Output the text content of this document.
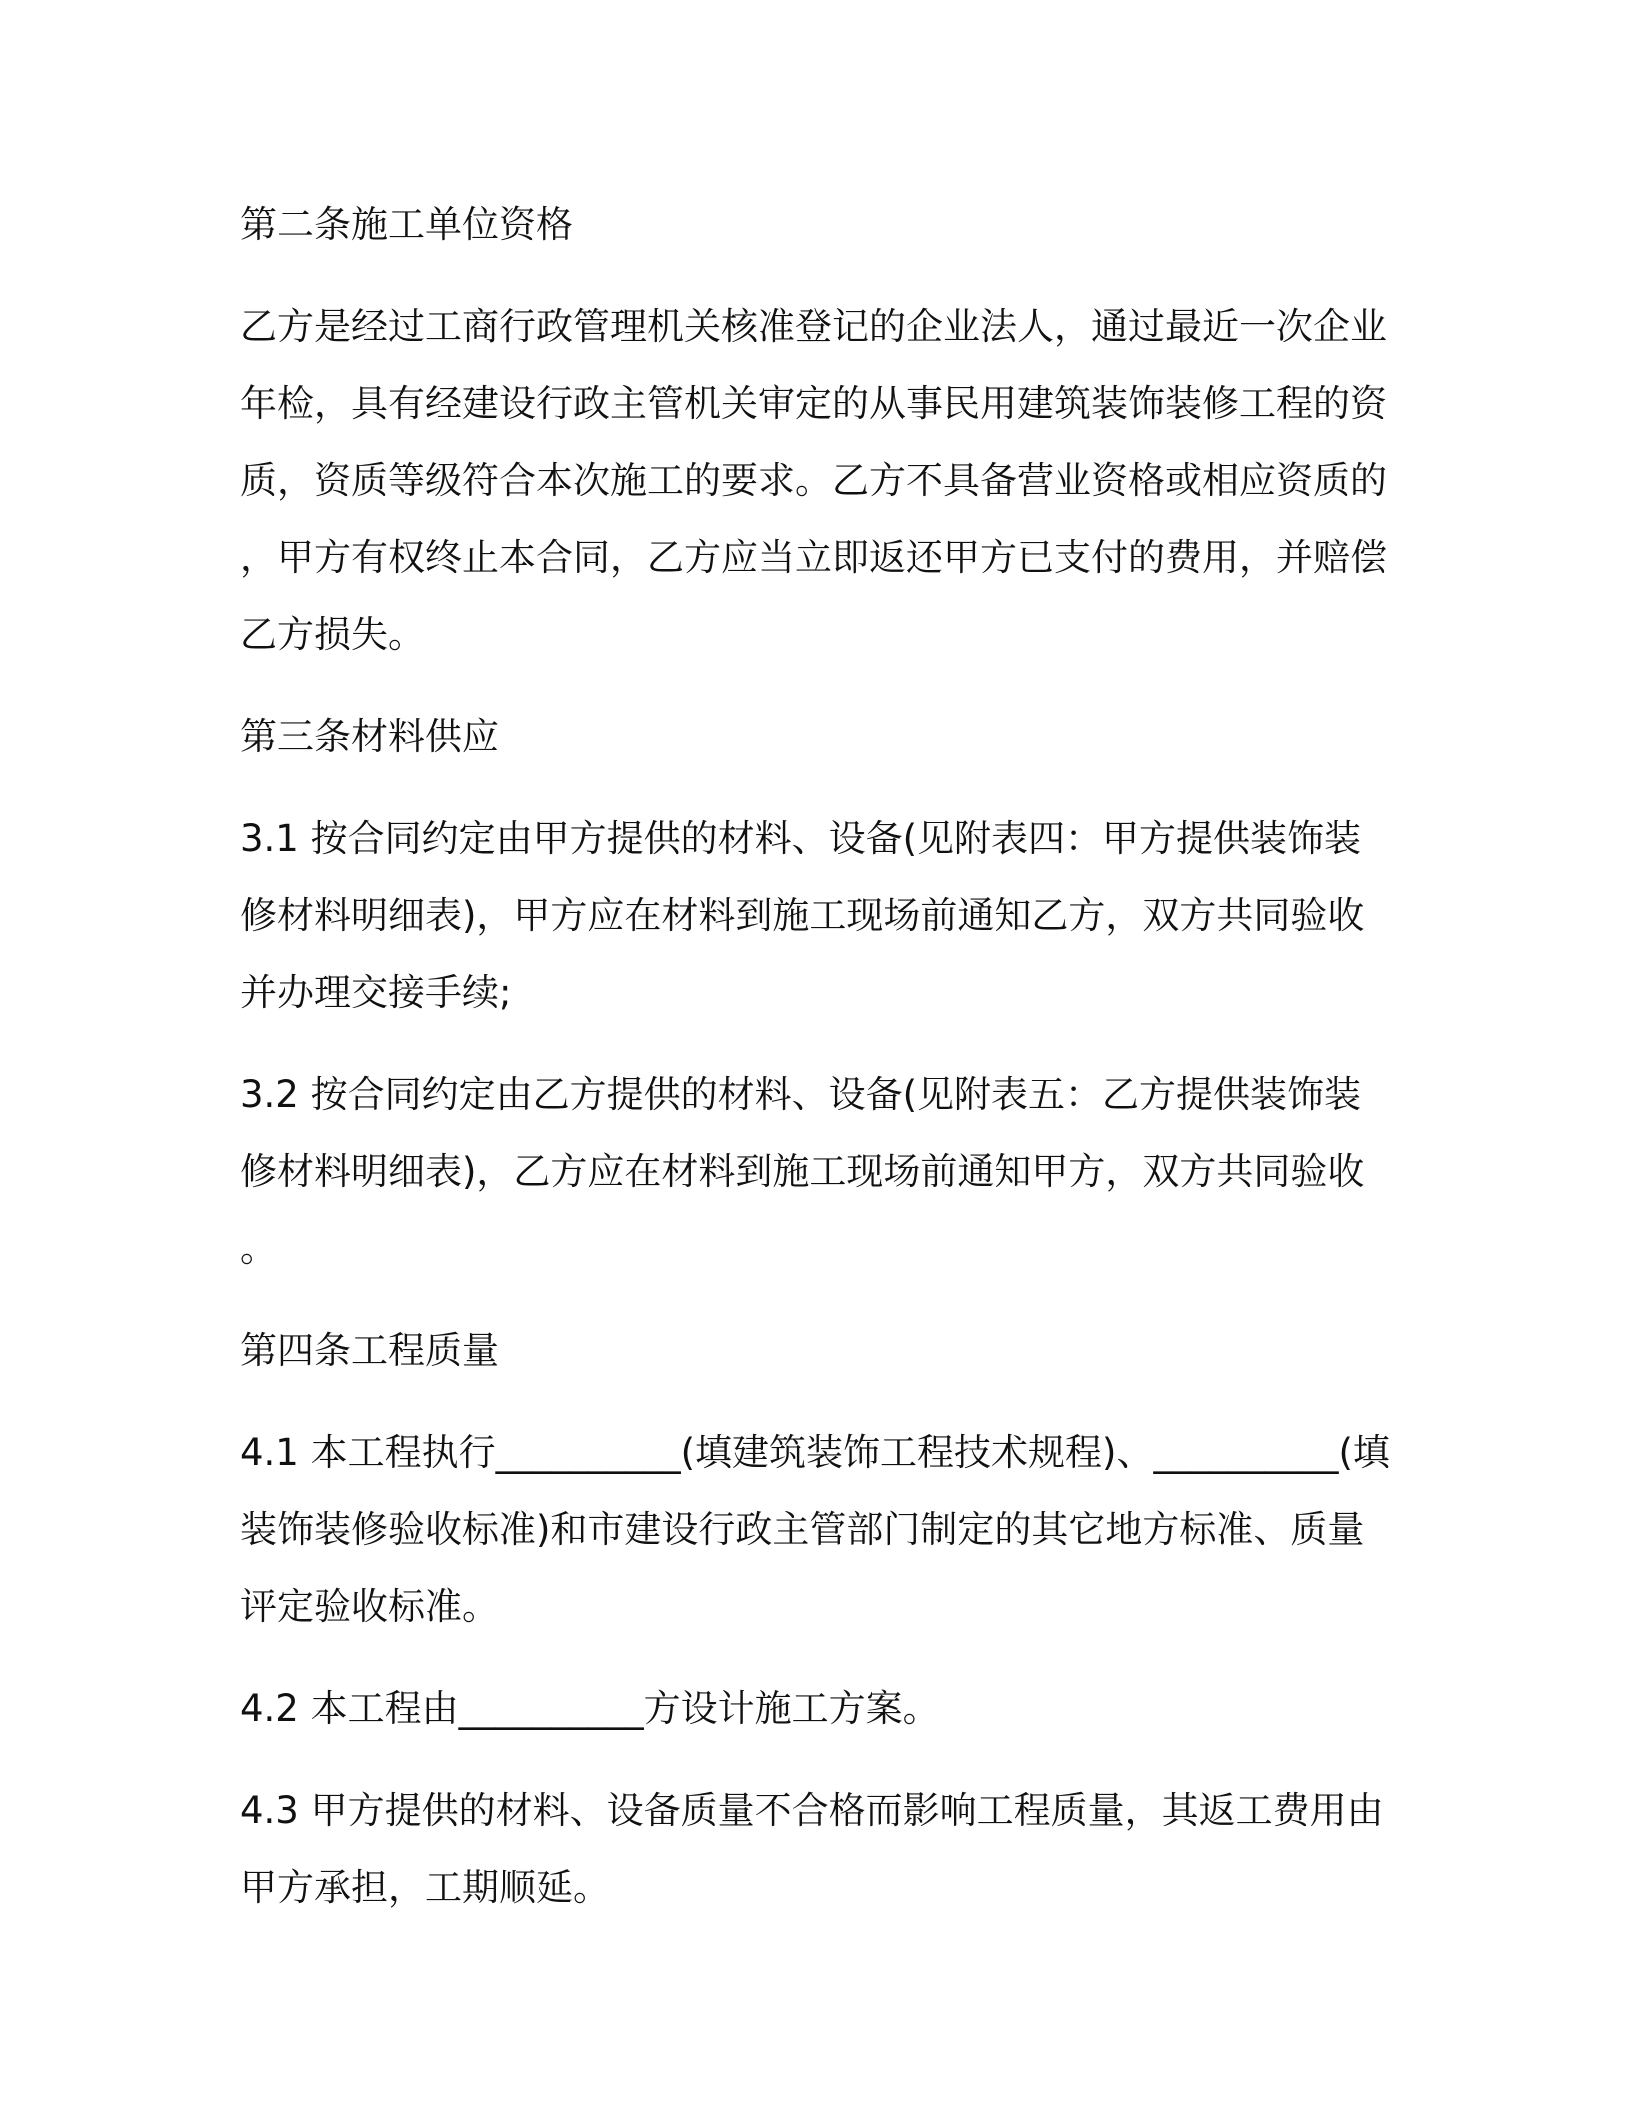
第二条施工单位资格
乙方是经过工商行政管理机关核准登记的企业法人，通过最近一次企业年检，具有经建设行政主管机关审定的从事民用建筑装饰装修工程的资质，资质等级符合本次施工的要求。乙方不具备营业资格或相应资质的，甲方有权终止本合同，乙方应当立即返还甲方已支付的费用，并赔偿乙方损失。
第三条材料供应
3.1 按合同约定由甲方提供的材料、设备(见附表四：甲方提供装饰装修材料明细表)，甲方应在材料到施工现场前通知乙方，双方共同验收并办理交接手续;
3.2 按合同约定由乙方提供的材料、设备(见附表五：乙方提供装饰装修材料明细表)，乙方应在材料到施工现场前通知甲方，双方共同验收。
第四条工程质量
4.1 本工程执行__________(填建筑装饰工程技术规程)、__________(填装饰装修验收标准)和市建设行政主管部门制定的其它地方标准、质量评定验收标准。
4.2 本工程由__________方设计施工方案。
4.3 甲方提供的材料、设备质量不合格而影响工程质量，其返工费用由甲方承担，工期顺延。
